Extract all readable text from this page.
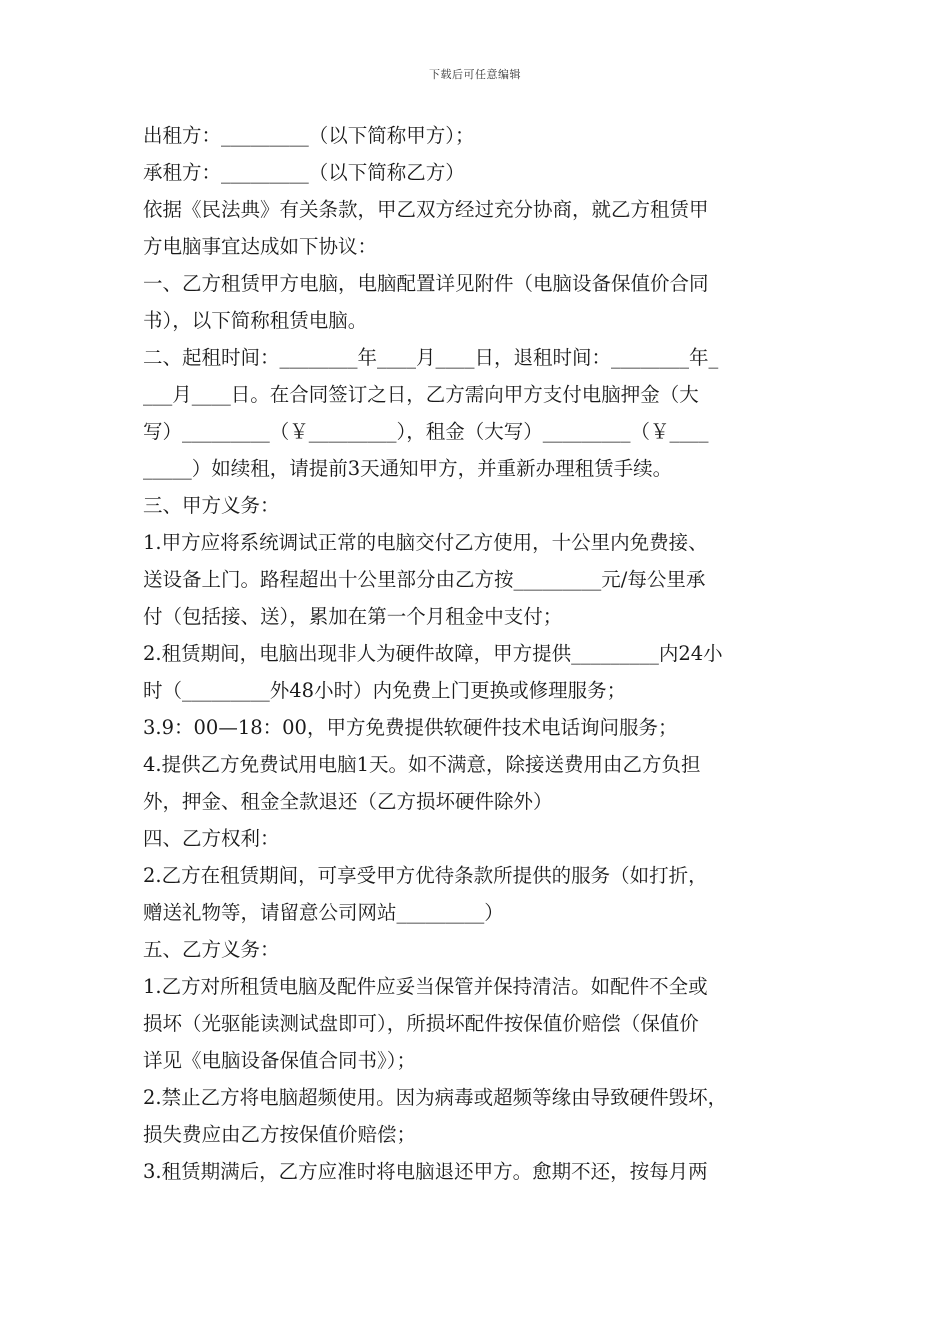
下载后可任意编辑
出租方：_________（以下简称甲方）；
承租方：_________（以下简称乙方）
依据《民法典》有关条款，甲乙双方经过充分协商，就乙方租赁甲
方电脑事宜达成如下协议：
一、乙方租赁甲方电脑，电脑配置详见附件（电脑设备保值价合同
书），以下简称租赁电脑。
二、起租时间：________年____月____日，退租时间：________年_
___月____日。在合同签订之日，乙方需向甲方支付电脑押金（大
写）_________（￥_________），租金（大写）_________（￥____
_____）如续租，请提前3天通知甲方，并重新办理租赁手续。
三、甲方义务：
1.甲方应将系统调试正常的电脑交付乙方使用，十公里内免费接、
送设备上门。路程超出十公里部分由乙方按_________元/每公里承
付（包括接、送），累加在第一个月租金中支付；
2.租赁期间，电脑出现非人为硬件故障，甲方提供_________内24小
时（_________外48小时）内免费上门更换或修理服务；
3.9：00—18：00，甲方免费提供软硬件技术电话询问服务；
4.提供乙方免费试用电脑1天。如不满意，除接送费用由乙方负担
外，押金、租金全款退还（乙方损坏硬件除外）
四、乙方权利：
2.乙方在租赁期间，可享受甲方优待条款所提供的服务（如打折，
赠送礼物等，请留意公司网站_________）
五、乙方义务：
1.乙方对所租赁电脑及配件应妥当保管并保持清洁。如配件不全或
损坏（光驱能读测试盘即可），所损坏配件按保值价赔偿（保值价
详见《电脑设备保值合同书》）；
2.禁止乙方将电脑超频使用。因为病毒或超频等缘由导致硬件毁坏，
损失费应由乙方按保值价赔偿；
3.租赁期满后，乙方应准时将电脑退还甲方。愈期不还，按每月两
